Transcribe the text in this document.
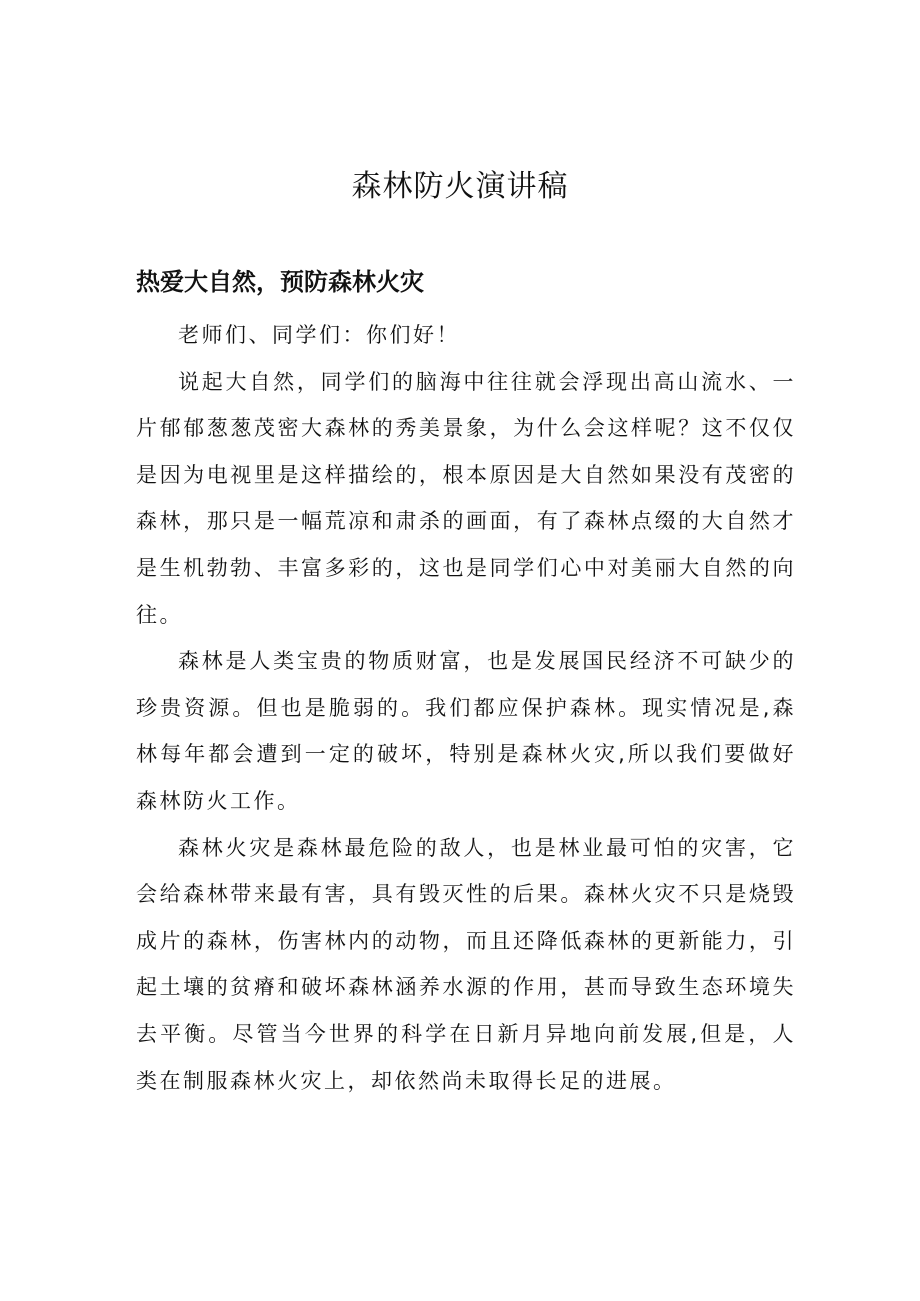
森林防火演讲稿
热爱大自然，预防森林火灾

老师们、同学们：你们好！

说起大自然，同学们的脑海中往往就会浮现出高山流水、一片郁郁葱葱茂密大森林的秀美景象，为什么会这样呢？这不仅仅是因为电视里是这样描绘的，根本原因是大自然如果没有茂密的森林，那只是一幅荒凉和肃杀的画面，有了森林点缀的大自然才是生机勃勃、丰富多彩的，这也是同学们心中对美丽大自然的向往。

森林是人类宝贵的物质财富，也是发展国民经济不可缺少的珍贵资源。但也是脆弱的。我们都应保护森林。现实情况是,森林每年都会遭到一定的破坏，特别是森林火灾,所以我们要做好森林防火工作。

森林火灾是森林最危险的敌人，也是林业最可怕的灾害，它会给森林带来最有害，具有毁灭性的后果。森林火灾不只是烧毁成片的森林，伤害林内的动物，而且还降低森林的更新能力，引起土壤的贫瘠和破坏森林涵养水源的作用，甚而导致生态环境失去平衡。尽管当今世界的科学在日新月异地向前发展,但是，人类在制服森林火灾上，却依然尚未取得长足的进展。
